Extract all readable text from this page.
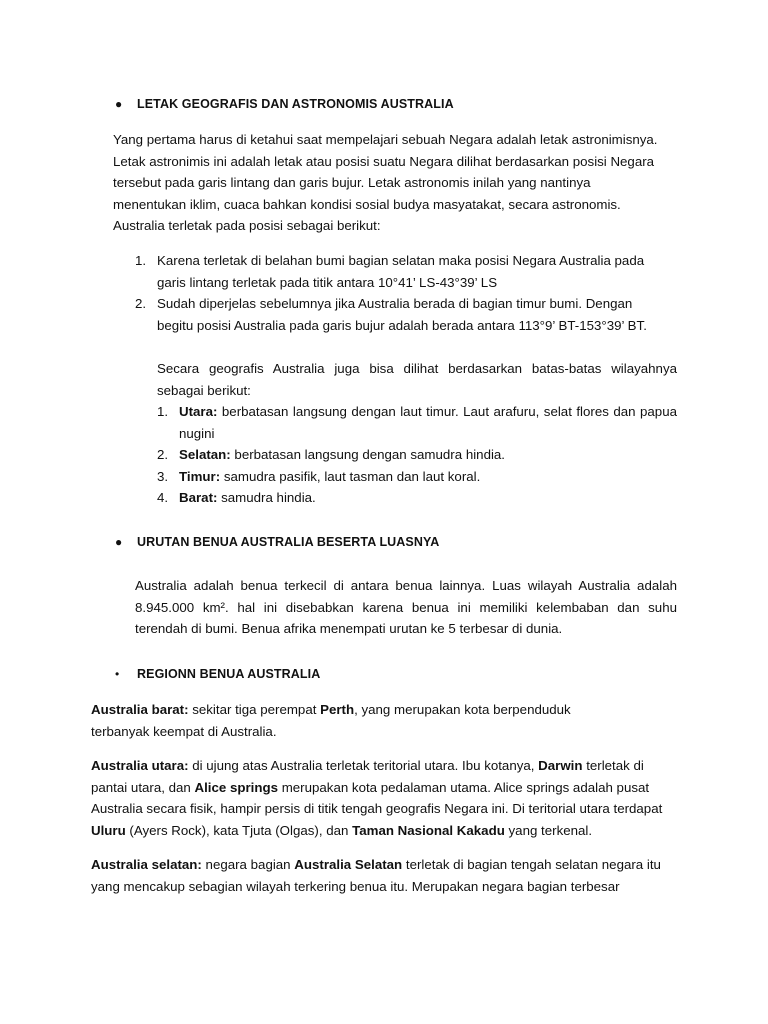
●	LETAK GEOGRAFIS DAN ASTRONOMIS AUSTRALIA

Yang pertama harus di ketahui saat mempelajari sebuah Negara adalah letak astronimisnya. Letak astronimis ini adalah letak atau posisi suatu Negara dilihat berdasarkan posisi Negara tersebut pada garis lintang dan garis bujur. Letak astronomis inilah yang nantinya menentukan iklim, cuaca bahkan kondisi sosial budya masyatakat, secara astronomis. Australia terletak pada posisi sebagai berikut:

1. Karena terletak di belahan bumi bagian selatan maka posisi Negara Australia pada garis lintang terletak pada titik antara 10°41’ LS-43°39’ LS
2. Sudah diperjelas sebelumnya jika Australia berada di bagian timur bumi. Dengan begitu posisi Australia pada garis bujur adalah berada antara 113°9’ BT-153°39’ BT.

Secara geografis Australia juga bisa dilihat berdasarkan batas-batas wilayahnya sebagai berikut:

1. Utara: berbatasan langsung dengan laut timur. Laut arafuru, selat flores dan papua nugini
2. Selatan: berbatasan langsung dengan samudra hindia.
3. Timur: samudra pasifik, laut tasman dan laut koral.
4. Barat: samudra hindia.
●	URUTAN BENUA AUSTRALIA BESERTA LUASNYA

Australia adalah benua terkecil di antara benua lainnya. Luas wilayah Australia adalah 8.945.000 km². hal ini disebabkan karena benua ini memiliki kelembaban dan suhu terendah di bumi. Benua afrika menempati urutan ke 5 terbesar di dunia.

•	REGIONN BENUA AUSTRALIA

Australia barat: sekitar tiga perempat Perth, yang merupakan kota berpenduduk terbanyak keempat di Australia.

Australia utara: di ujung atas Australia terletak teritorial utara. Ibu kotanya, Darwin terletak di pantai utara, dan Alice springs merupakan kota pedalaman utama. Alice springs adalah pusat Australia secara fisik, hampir persis di titik tengah geografis Negara ini. Di teritorial utara terdapat Uluru (Ayers Rock), kata Tjuta (Olgas), dan Taman Nasional Kakadu yang terkenal.

Australia selatan: negara bagian Australia Selatan terletak di bagian tengah selatan negara itu yang mencakup sebagian wilayah terkering benua itu. Merupakan negara bagian terbesar
